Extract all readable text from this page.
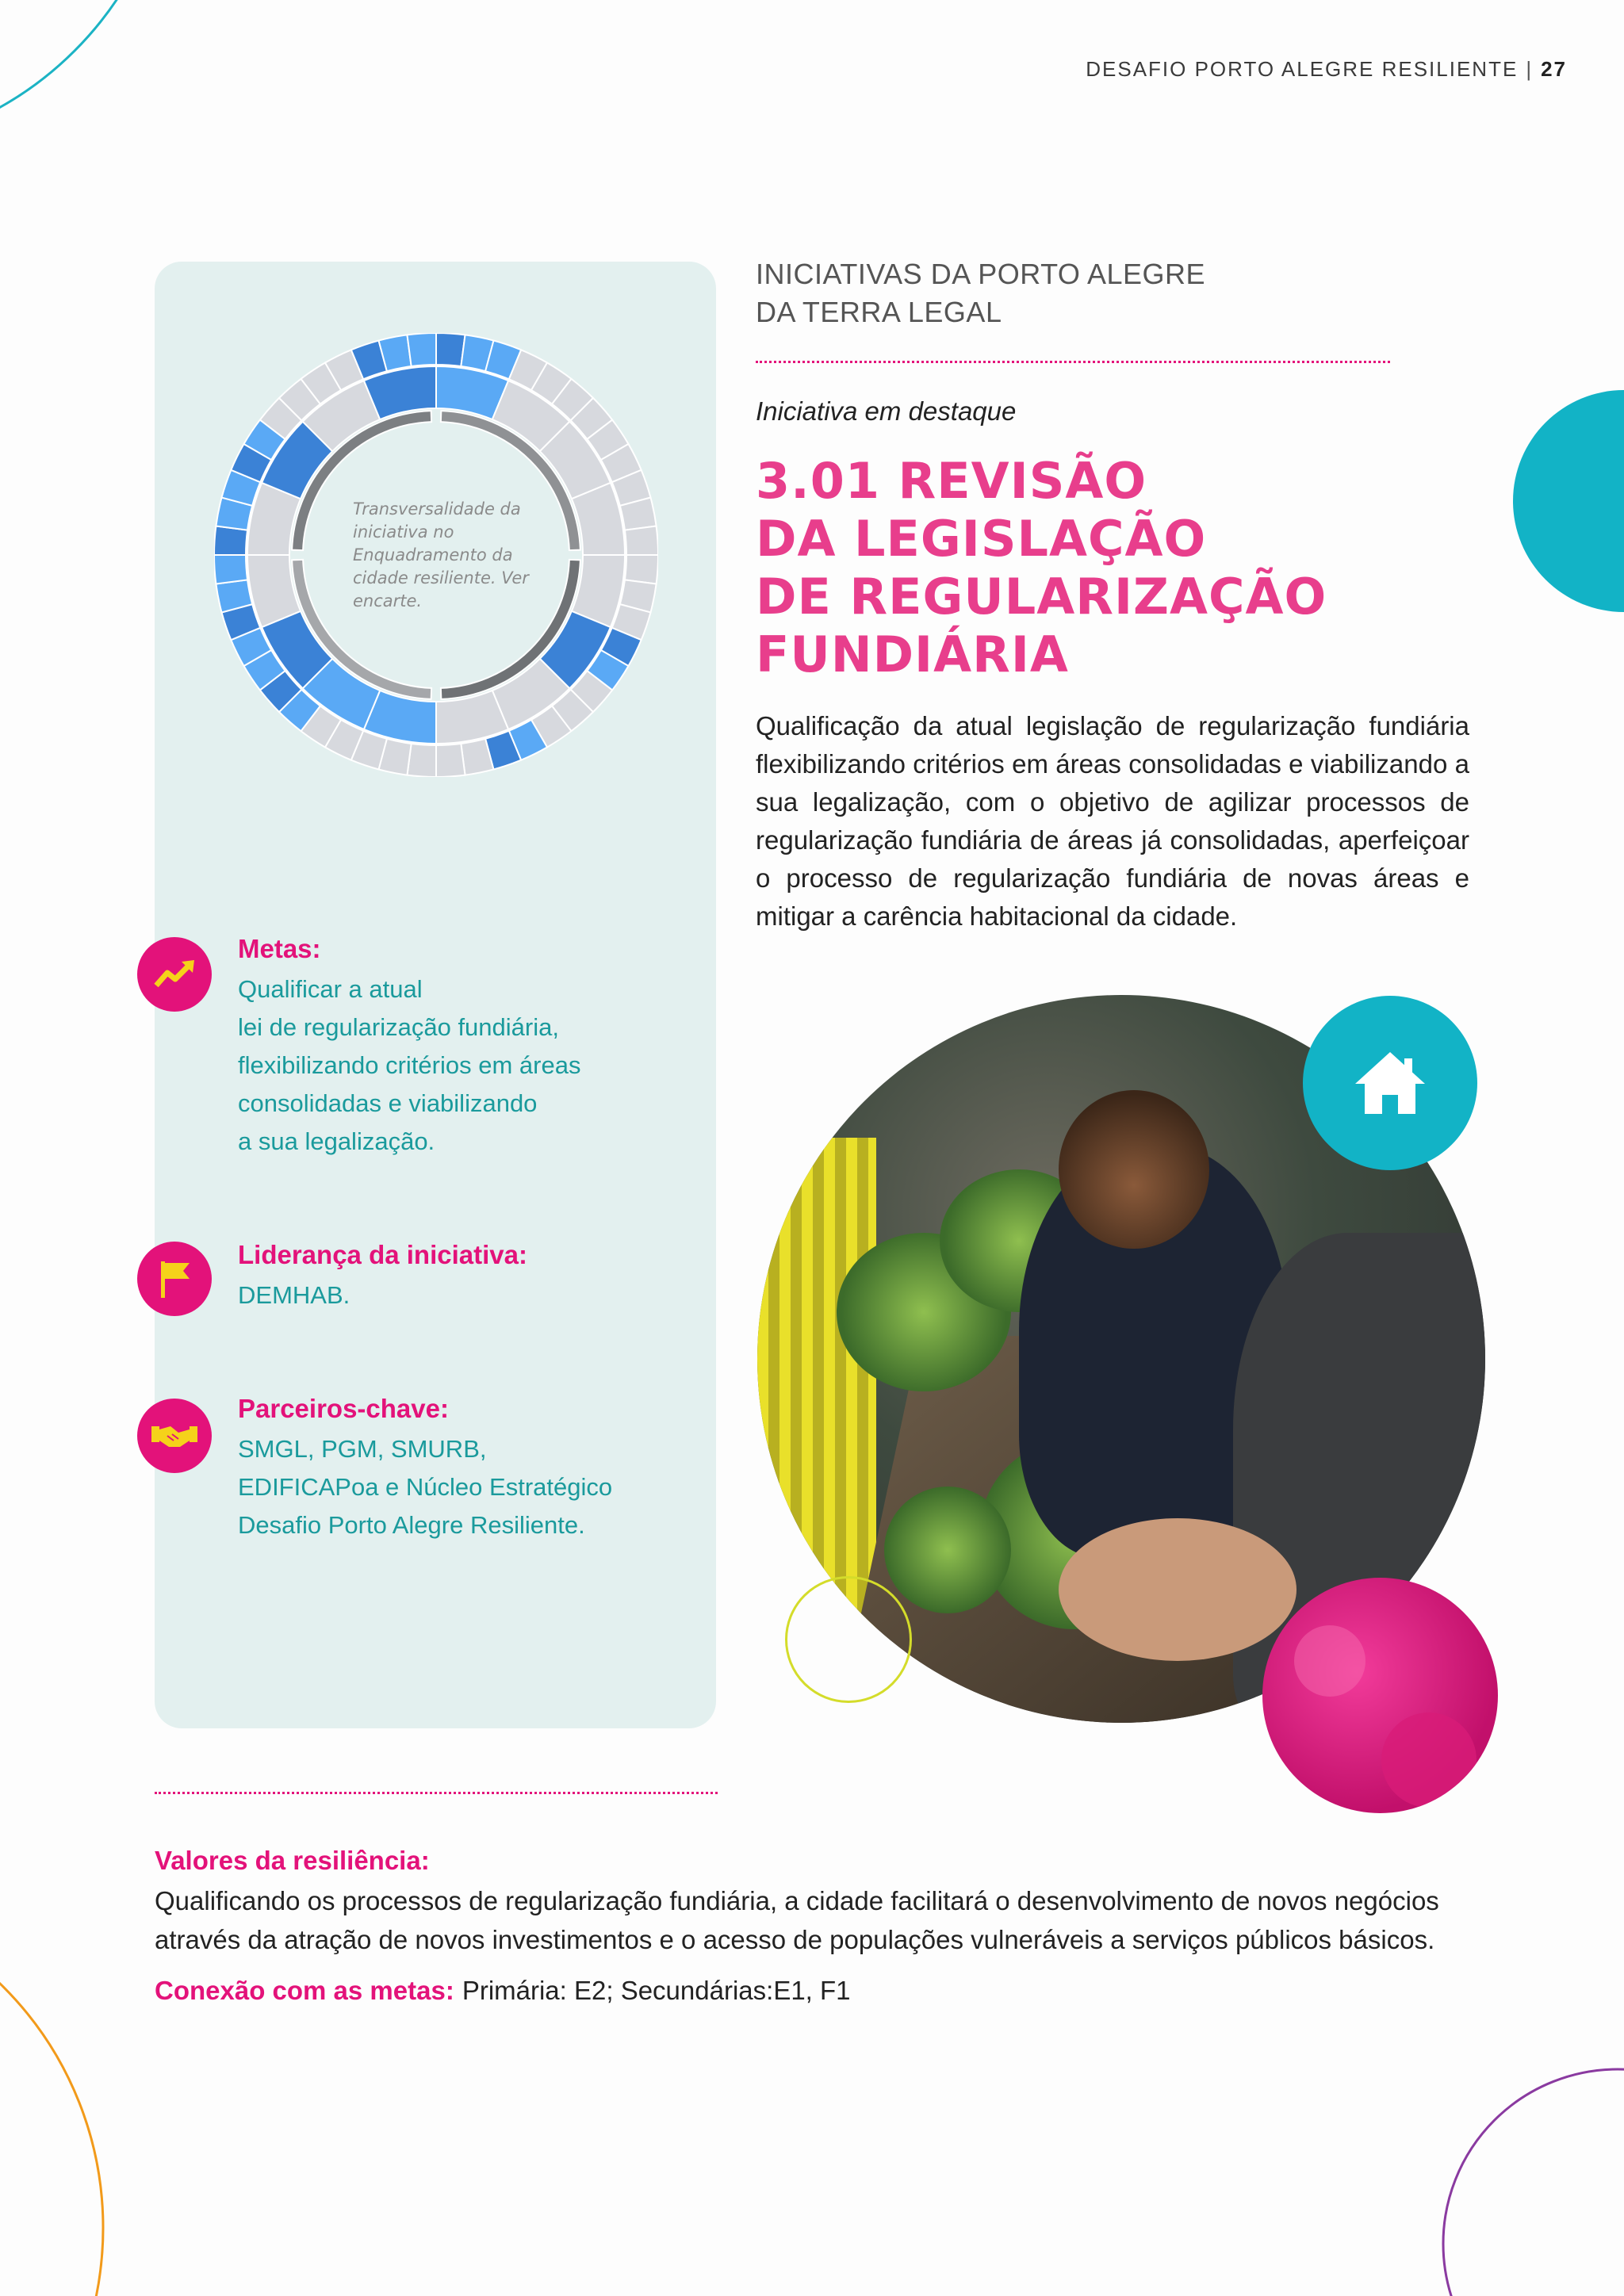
DESAFIO PORTO ALEGRE RESILIENTE | 27
Transversalidade da iniciativa no Enquadramento da cidade resiliente. Ver encarte.
Metas:
Qualificar a atual
lei de regularização fundiária,
flexibilizando critérios em áreas
consolidadas e viabilizando
a sua legalização.
Liderança da iniciativa:
DEMHAB.
Parceiros-chave:
SMGL, PGM, SMURB,
EDIFICAPoa e Núcleo Estratégico
Desafio Porto Alegre Resiliente.
INICIATIVAS DA PORTO ALEGRE
DA TERRA LEGAL
Iniciativa em destaque
3.01 REVISÃO
DA LEGISLAÇÃO
DE REGULARIZAÇÃO
FUNDIÁRIA
Qualificação da atual legislação de regularização fundiária flexibilizando critérios em áreas consolidadas e viabilizando a sua legalização, com o objetivo de agilizar processos de regularização fundiária de áreas já consolidadas, aperfeiçoar o processo de regularização fundiária de novas áreas e mitigar a carência habitacional da cidade.
Valores da resiliência:
Qualificando os processos de regularização fundiária, a cidade facilitará o desenvolvimento de novos negócios através da atração de novos investimentos e o acesso de populações vulneráveis a serviços públicos básicos.
Conexão com as metas: Primária: E2; Secundárias:E1, F1
